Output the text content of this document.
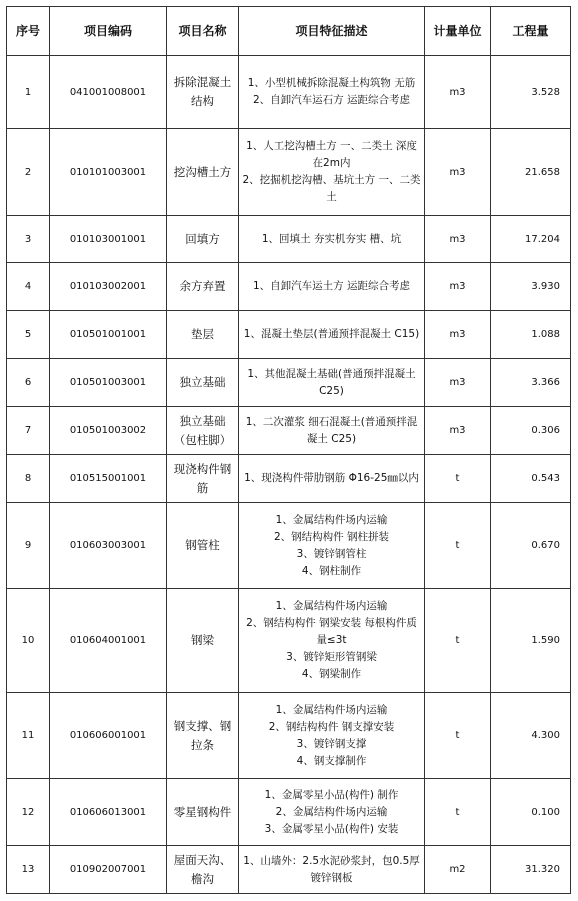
序号	项目编码	项目名称	项目特征描述	计量单位	工程量
1	041001008001	拆除混凝土结构	1、小型机械拆除混凝土构筑物 无筋
2、自卸汽车运石方 运距综合考虑	m3	3.528
2	010101003001	挖沟槽土方	1、人工挖沟槽土方 一、二类土 深度在2m内
2、挖掘机挖沟槽、基坑土方 一、二类土	m3	21.658
3	010103001001	回填方	1、回填土 夯实机夯实 槽、坑	m3	17.204
4	010103002001	余方弃置	1、自卸汽车运土方 运距综合考虑	m3	3.930
5	010501001001	垫层	1、混凝土垫层(普通预拌混凝土 C15)	m3	1.088
6	010501003001	独立基础	1、其他混凝土基础(普通预拌混凝土 C25)	m3	3.366
7	010501003002	独立基础（包柱脚）	1、二次灌浆 细石混凝土(普通预拌混凝土 C25)	m3	0.306
8	010515001001	现浇构件钢筋	1、现浇构件带肋钢筋 Φ16-25㎜以内	t	0.543
9	010603003001	钢管柱	1、金属结构件场内运输
2、钢结构构件 钢柱拼装
3、镀锌钢管柱
4、钢柱制作	t	0.670
10	010604001001	钢梁	1、金属结构件场内运输
2、钢结构构件 钢梁安装 每根构件质量≤3t
3、镀锌矩形管钢梁
4、钢梁制作	t	1.590
11	010606001001	钢支撑、钢拉条	1、金属结构件场内运输
2、钢结构构件 钢支撑安装
3、镀锌钢支撑
4、钢支撑制作	t	4.300
12	010606013001	零星钢构件	1、金属零星小品(构件) 制作
2、金属结构件场内运输
3、金属零星小品(构件) 安装	t	0.100
13	010902007001	屋面天沟、檐沟	1、山墙外：2.5水泥砂浆封，包0.5厚镀锌钢板	m2	31.320
